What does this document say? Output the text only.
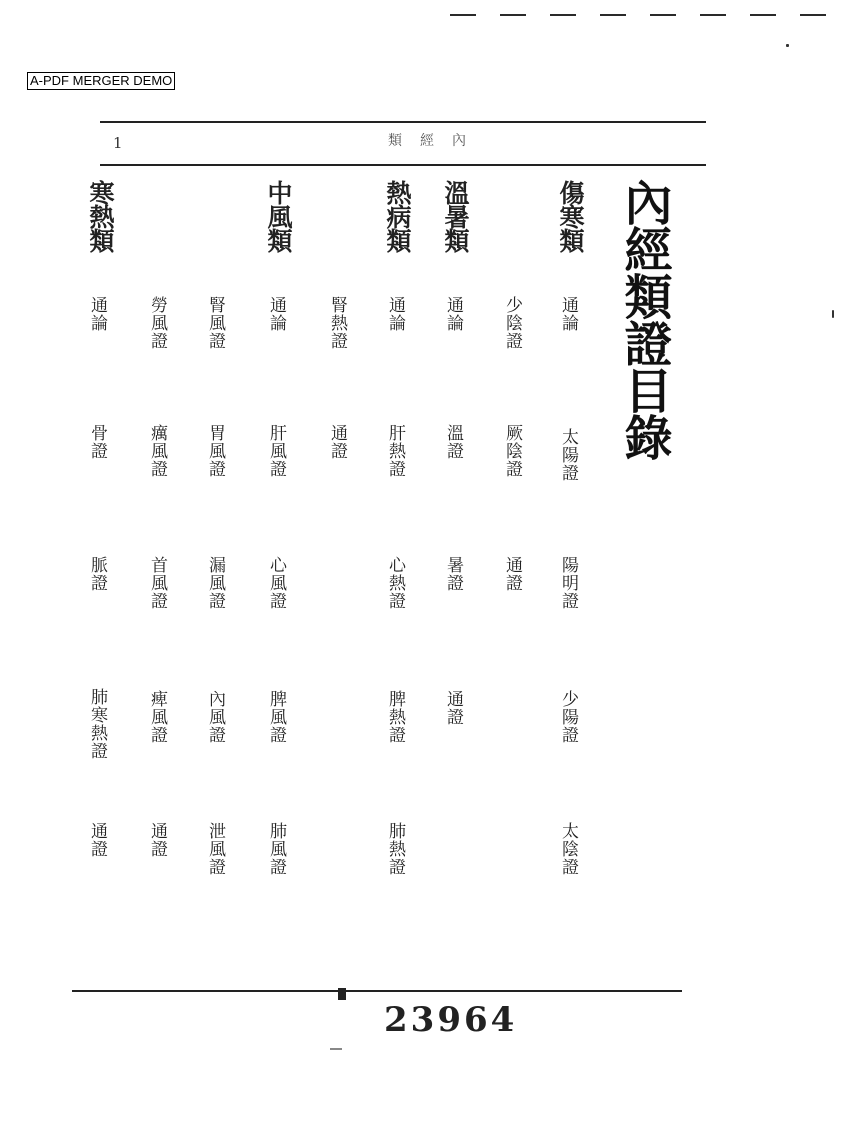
A-PDF MERGER DEMO
1	類 經 內
內經類證目錄
傷寒類
通論
太陽證
陽明證
少陽證
太陰證
少陰證
厥陰證
通證
溫暑類
通論
溫證
暑證
通證
熱病類
通論
肝熱證
心熱證
脾熱證
肺熱證
腎熱證
通證
中風類
通論
肝風證
心風證
脾風證
肺風證
腎風證
胃風證
漏風證
內風證
泄風證
勞風證
癘風證
首風證
痺風證
通證
寒熱類
通論
骨證
脈證
肺寒熱證
通證
23964
